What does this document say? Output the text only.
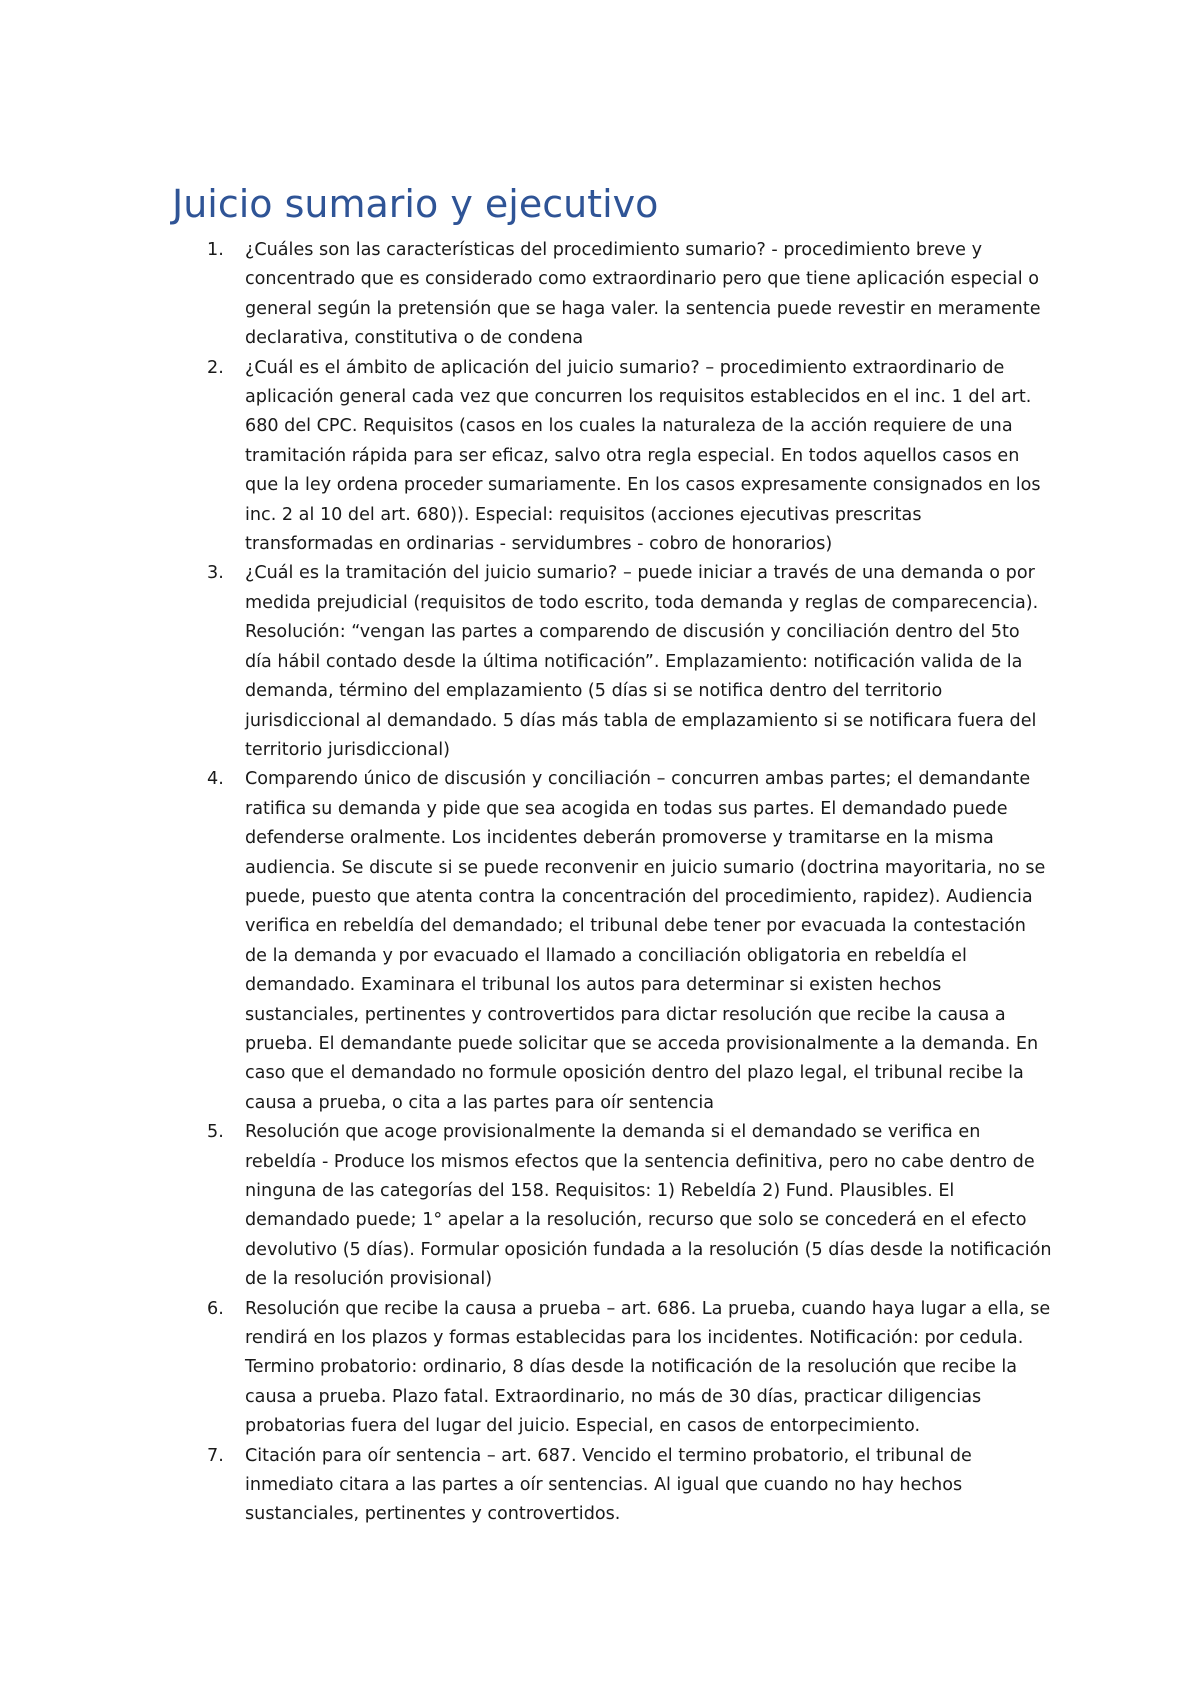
Juicio sumario y ejecutivo
1. ¿Cuáles son las características del procedimiento sumario? - procedimiento breve y concentrado que es considerado como extraordinario pero que tiene aplicación especial o general según la pretensión que se haga valer. la sentencia puede revestir en meramente declarativa, constitutiva o de condena
2. ¿Cuál es el ámbito de aplicación del juicio sumario? – procedimiento extraordinario de aplicación general cada vez que concurren los requisitos establecidos en el inc. 1 del art. 680 del CPC. Requisitos (casos en los cuales la naturaleza de la acción requiere de una tramitación rápida para ser eficaz, salvo otra regla especial. En todos aquellos casos en que la ley ordena proceder sumariamente. En los casos expresamente consignados en los inc. 2 al 10 del art. 680)). Especial: requisitos (acciones ejecutivas prescritas transformadas en ordinarias - servidumbres - cobro de honorarios)
3. ¿Cuál es la tramitación del juicio sumario? – puede iniciar a través de una demanda o por medida prejudicial (requisitos de todo escrito, toda demanda y reglas de comparecencia). Resolución: “vengan las partes a comparendo de discusión y conciliación dentro del 5to día hábil contado desde la última notificación”. Emplazamiento: notificación valida de la demanda, término del emplazamiento (5 días si se notifica dentro del territorio jurisdiccional al demandado. 5 días más tabla de emplazamiento si se notificara fuera del territorio jurisdiccional)
4. Comparendo único de discusión y conciliación – concurren ambas partes; el demandante ratifica su demanda y pide que sea acogida en todas sus partes. El demandado puede defenderse oralmente. Los incidentes deberán promoverse y tramitarse en la misma audiencia. Se discute si se puede reconvenir en juicio sumario (doctrina mayoritaria, no se puede, puesto que atenta contra la concentración del procedimiento, rapidez). Audiencia verifica en rebeldía del demandado; el tribunal debe tener por evacuada la contestación de la demanda y por evacuado el llamado a conciliación obligatoria en rebeldía el demandado. Examinara el tribunal los autos para determinar si existen hechos sustanciales, pertinentes y controvertidos para dictar resolución que recibe la causa a prueba. El demandante puede solicitar que se acceda provisionalmente a la demanda. En caso que el demandado no formule oposición dentro del plazo legal, el tribunal recibe la causa a prueba, o cita a las partes para oír sentencia
5. Resolución que acoge provisionalmente la demanda si el demandado se verifica en rebeldía - Produce los mismos efectos que la sentencia definitiva, pero no cabe dentro de ninguna de las categorías del 158. Requisitos: 1) Rebeldía 2) Fund. Plausibles. El demandado puede; 1° apelar a la resolución, recurso que solo se concederá en el efecto devolutivo (5 días). Formular oposición fundada a la resolución (5 días desde la notificación de la resolución provisional)
6. Resolución que recibe la causa a prueba – art. 686. La prueba, cuando haya lugar a ella, se rendirá en los plazos y formas establecidas para los incidentes. Notificación: por cedula. Termino probatorio: ordinario, 8 días desde la notificación de la resolución que recibe la causa a prueba. Plazo fatal. Extraordinario, no más de 30 días, practicar diligencias probatorias fuera del lugar del juicio. Especial, en casos de entorpecimiento.
7. Citación para oír sentencia – art. 687. Vencido el termino probatorio, el tribunal de inmediato citara a las partes a oír sentencias. Al igual que cuando no hay hechos sustanciales, pertinentes y controvertidos.
